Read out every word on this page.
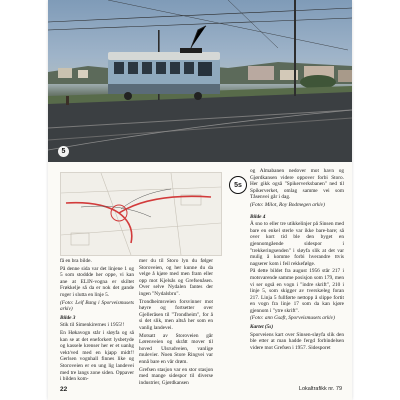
5
5s

få en bra bilde.

På denne sida var det linjene 1 og 5 som stoddde her oppe, vi kan ane at ELIN-vogna er skiltet Frøkkelje så da er nok det gande roger i slutta en linje 5.

(Foto: Leif Bang i Sporveismusets arkiv)

Bilde 3

Stik til Simenkirernes i 1955!!

En Høkavogn står i sløyfa og så kan se at det eneforkert lysbetyde og kassele krenser her er et uanhg vekt/ved med en kjapp midt!! Gerlsen vognhall finnes like og Storoveien er en ung lig landevei med tre langs zone siden. Oppaver i bilden kom-

mer du til Storo lyn du følger Storoveien, og her kunne du da velge å kjøre med men fram eller opp mot Kjelsås og Grefsenåsen. Over selve Nydalen fantes der ingen "Nydalsbru".

Trondheimsveien forsvinner mot høyre og fortsetter over Gjelleråsen til "Trondheim", for å si det slik, men altså her som en vanlig landevei.

Motsatt av Storoveien går Lørenveien og skrått mover til hoved Ulsrudveien, vanlige mulevier. Noen Store Ringvei var ennå bare en vår drøm.

Grefsen stasjon var en stor stasjon med mange sidespor til diverse industrier, Gjørdkansen

og Almabanen nedover mot havn og Gjørdkansen videre oppover forbi Storo. Her gikk også "Spikerverksbanen" ned til Spikerverket, omlag samme vei som Tåsenvei går i dag.

(Foto: Milot, Roy Bodmegen arkiv)

Bilde 4

Å sno to eller tre utikkelinjer på Sinsen med bare en enkel sterle var ikke bare-bare; så over kort tid ble den byget en gjennomgående sidespor i "trekkeringsenden" i sløyfa slik at det var mulig å komme forbi hverandre ttvis nagserer kom i feil rekkefølge.

På dette bildet fra august 1956 står 217 i motsvarende samme posisjon som 179, men vi ser også en vogn i "indre skrift", 210 i linje 5, som skigger av tverskæleg foran 217. Linja 5 fullførte nettopp å slippe fortit en vogn fra linje 17 som da kan kjøre gjennom i "ytre skrift".

(Foto: ann Gsaft, Sporveismusets arkiv)

Kartet (5s)

Sporveiens kart over Sinsen-sløyfa slik den ble etter at man hadde fergd forbindelsen videre mot Grefsen i 1957. Sidesporet

22	Lokaltrafikk nr. 79
